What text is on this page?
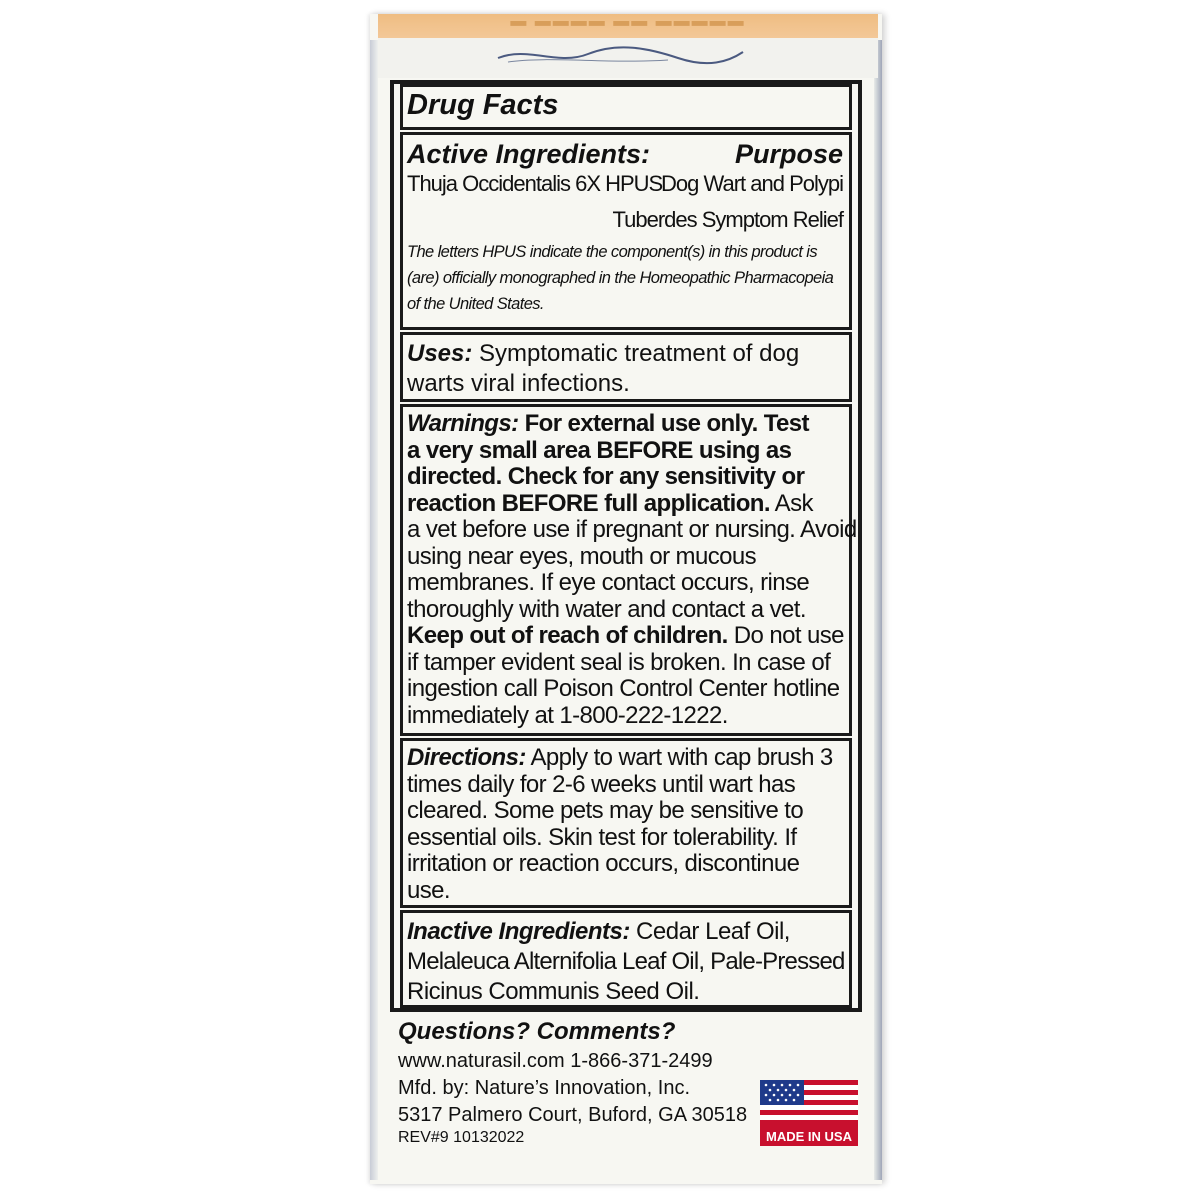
▬ ▬▬▬▬ ▬▬ ▬▬▬▬▬
Drug Facts
Active Ingredients:	Purpose
Thuja Occidentalis 6X HPUS
Dog Wart and Polypi
Tuberdes Symptom Relief
The letters HPUS indicate the component(s) in this product is
(are) officially monographed in the Homeopathic Pharmacopeia
of the United States.
Uses: Symptomatic treatment of dog
warts viral infections.
Warnings: For external use only. Test
a very small area BEFORE using as
directed. Check for any sensitivity or
reaction BEFORE full application. Ask
a vet before use if pregnant or nursing. Avoid
using near eyes, mouth or mucous
membranes. If eye contact occurs, rinse
thoroughly with water and contact a vet.
Keep out of reach of children. Do not use
if tamper evident seal is broken. In case of
ingestion call Poison Control Center hotline
immediately at 1-800-222-1222.
Directions: Apply to wart with cap brush 3
times daily for 2-6 weeks until wart has
cleared. Some pets may be sensitive to
essential oils. Skin test for tolerability. If
irritation or reaction occurs, discontinue
use.
Inactive Ingredients: Cedar Leaf Oil,
Melaleuca Alternifolia Leaf Oil, Pale-Pressed
Ricinus Communis Seed Oil.
Questions? Comments?
www.naturasil.com 1-866-371-2499
Mfd. by: Nature’s Innovation, Inc.
5317 Palmero Court, Buford, GA 30518
REV#9 10132022	MADE IN USA
